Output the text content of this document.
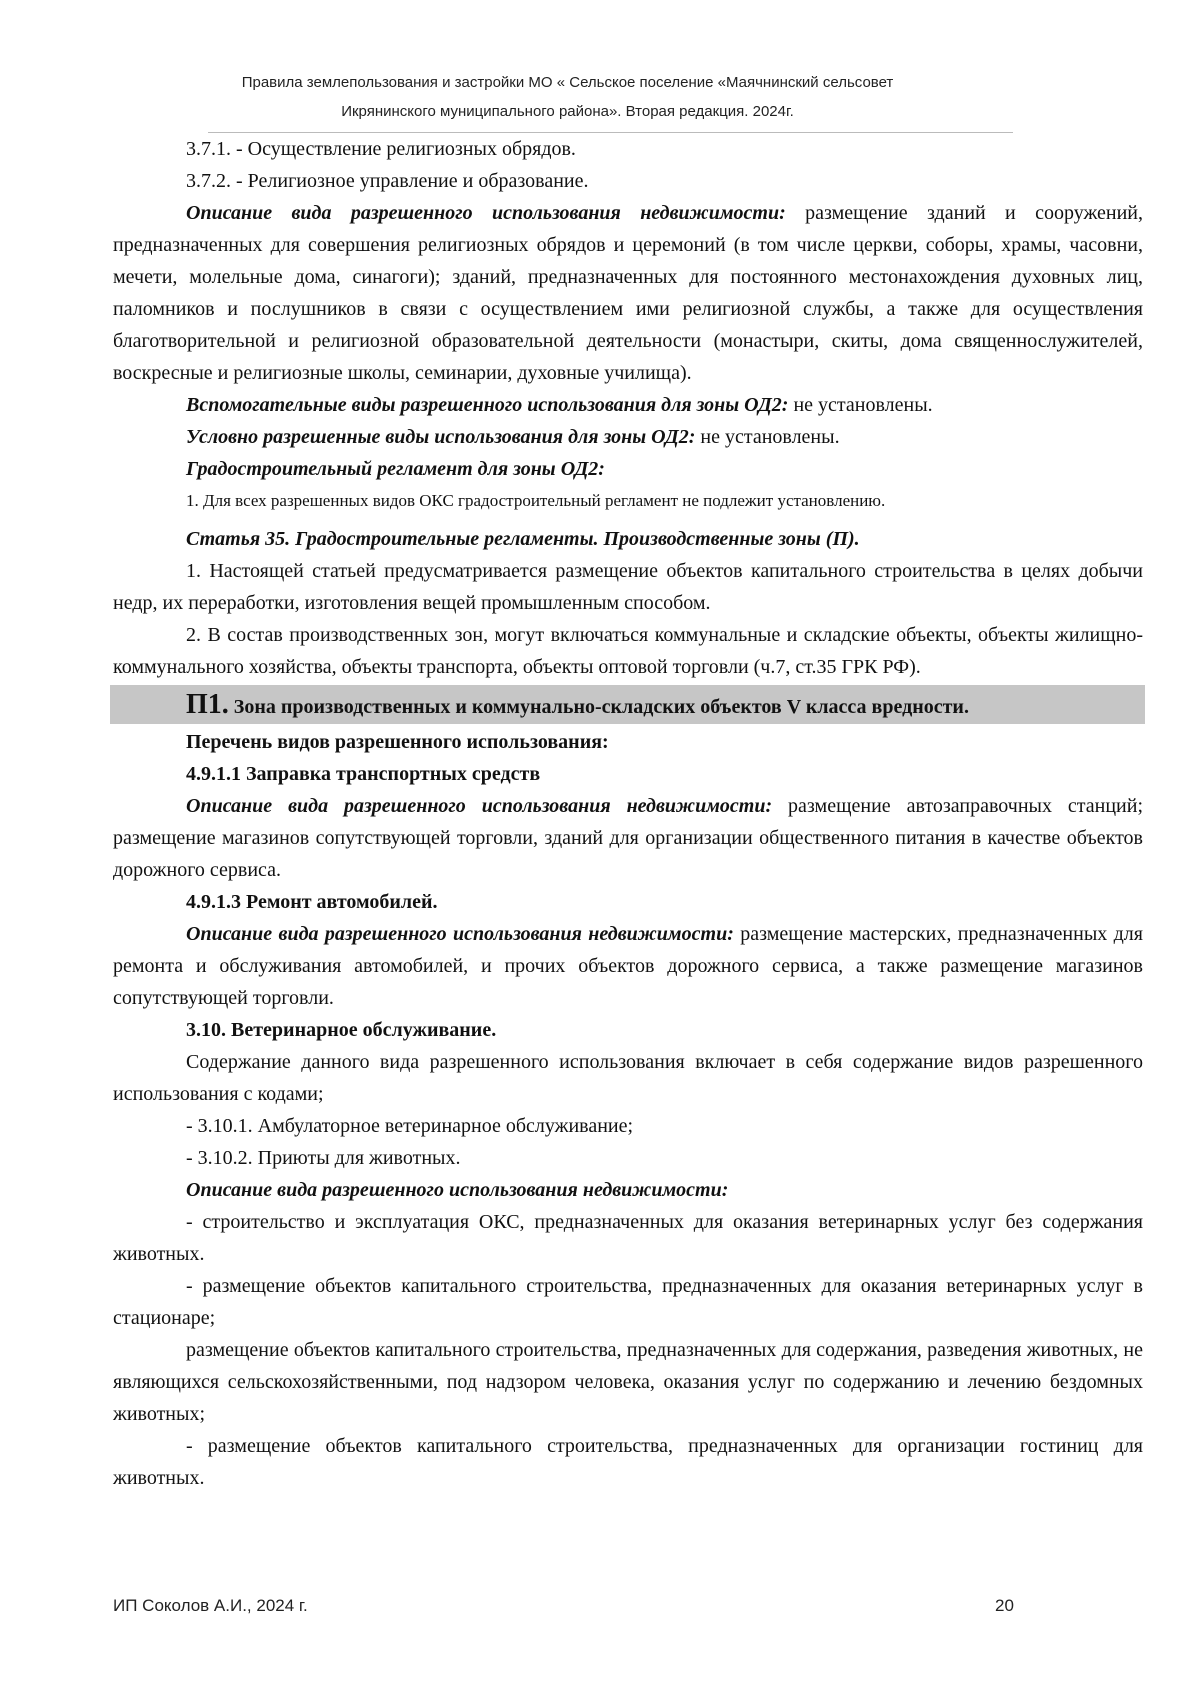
Правила землепользования и застройки МО « Сельское поселение «Маячнинский сельсовет
Икрянинского муниципального района». Вторая редакция. 2024г.

3.7.1. - Осуществление религиозных обрядов.

3.7.2. - Религиозное управление и образование.

Описание вида разрешенного использования недвижимости: размещение зданий и сооружений, предназначенных для совершения религиозных обрядов и церемоний (в том числе церкви, соборы, храмы, часовни, мечети, молельные дома, синагоги); зданий, предназначенных для постоянного местонахождения духовных лиц, паломников и послушников в связи с осуществлением ими религиозной службы, а также для осуществления благотворительной и религиозной образовательной деятельности (монастыри, скиты, дома священнослужителей, воскресные и религиозные школы, семинарии, духовные училища).

Вспомогательные виды разрешенного использования для зоны ОД2: не установлены.

Условно разрешенные виды использования для зоны ОД2: не установлены.

Градостроительный регламент для зоны ОД2:

1. Для всех разрешенных видов ОКС градостроительный регламент не подлежит установлению.

Статья 35. Градостроительные регламенты. Производственные зоны (П).

1. Настоящей статьей предусматривается размещение объектов капитального строительства в целях добычи недр, их переработки, изготовления вещей промышленным способом.

2. В состав производственных зон, могут включаться коммунальные и складские объекты, объекты жилищно-коммунального хозяйства, объекты транспорта, объекты оптовой торговли (ч.7, ст.35 ГРК РФ).

П1. Зона производственных и коммунально-складских объектов V класса вредности.

Перечень видов разрешенного использования:

4.9.1.1 Заправка транспортных средств

Описание вида разрешенного использования недвижимости: размещение автозаправочных станций; размещение магазинов сопутствующей торговли, зданий для организации общественного питания в качестве объектов дорожного сервиса.

4.9.1.3 Ремонт автомобилей.

Описание вида разрешенного использования недвижимости: размещение мастерских, предназначенных для ремонта и обслуживания автомобилей, и прочих объектов дорожного сервиса, а также размещение магазинов сопутствующей торговли.

3.10. Ветеринарное обслуживание.

Содержание данного вида разрешенного использования включает в себя содержание видов разрешенного использования с кодами;

- 3.10.1. Амбулаторное ветеринарное обслуживание;

- 3.10.2. Приюты для животных.

Описание вида разрешенного использования недвижимости:

- строительство и эксплуатация ОКС, предназначенных для оказания ветеринарных услуг без содержания животных.

- размещение объектов капитального строительства, предназначенных для оказания ветеринарных услуг в стационаре;

размещение объектов капитального строительства, предназначенных для содержания, разведения животных, не являющихся сельскохозяйственными, под надзором человека, оказания услуг по содержанию и лечению бездомных животных;

- размещение объектов капитального строительства, предназначенных для организации гостиниц для животных.

ИП Соколов А.И., 2024 г.	20
